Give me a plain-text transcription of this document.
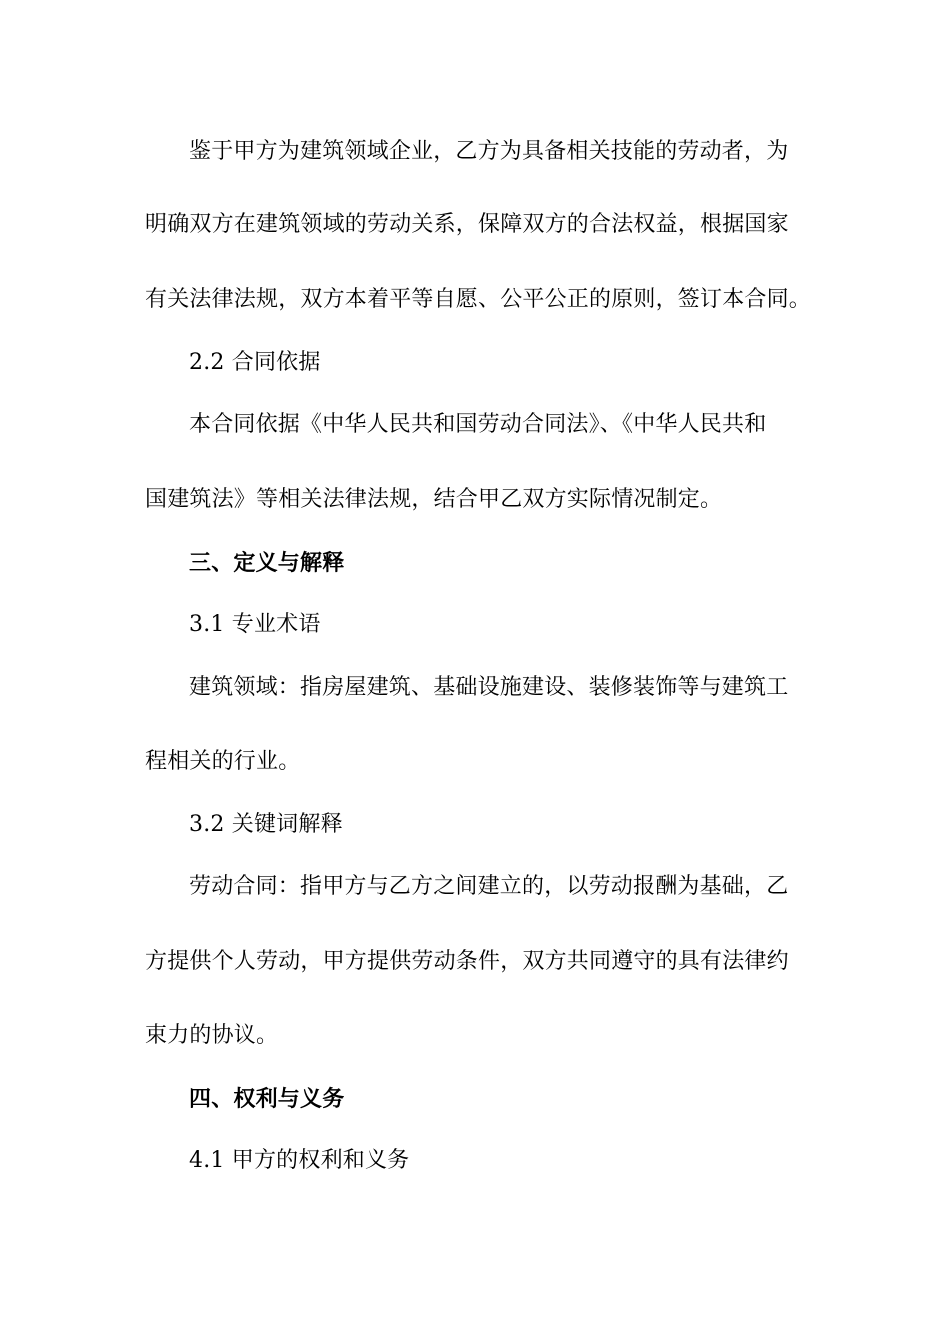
鉴于甲方为建筑领域企业，乙方为具备相关技能的劳动者，为
明确双方在建筑领域的劳动关系，保障双方的合法权益，根据国家
有关法律法规，双方本着平等自愿、公平公正的原则，签订本合同。
2.2 合同依据
本合同依据《中华人民共和国劳动合同法》、《中华人民共和
国建筑法》等相关法律法规，结合甲乙双方实际情况制定。
三、定义与解释
3.1 专业术语
建筑领域：指房屋建筑、基础设施建设、装修装饰等与建筑工
程相关的行业。
3.2 关键词解释
劳动合同：指甲方与乙方之间建立的，以劳动报酬为基础，乙
方提供个人劳动，甲方提供劳动条件，双方共同遵守的具有法律约
束力的协议。
四、权利与义务
4.1 甲方的权利和义务
